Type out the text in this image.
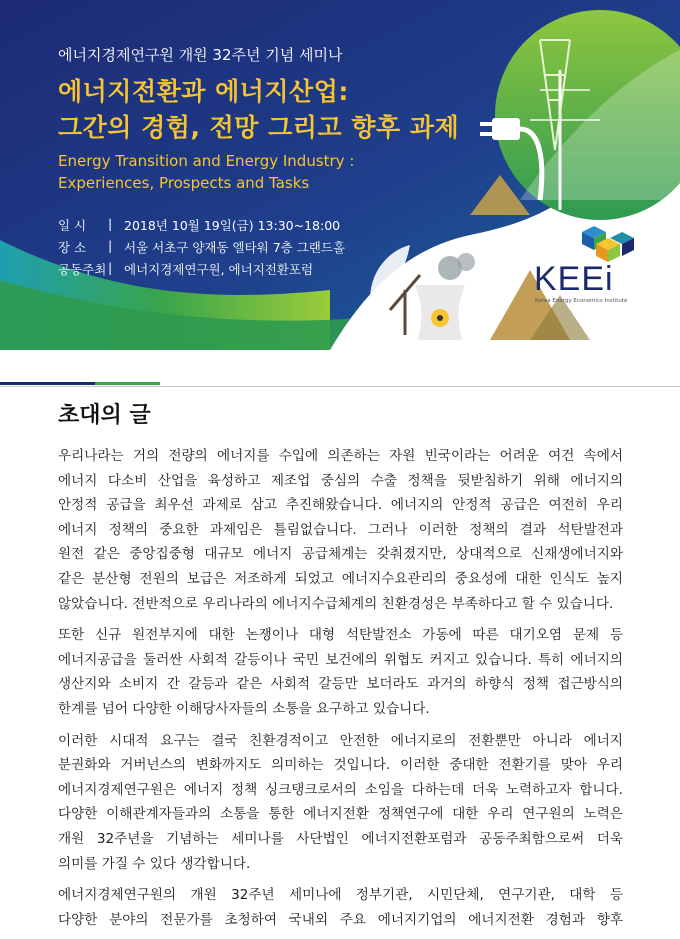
에너지경제연구원 개원 32주년 기념 세미나
에너지전환과 에너지산업:
그간의 경험, 전망 그리고 향후 과제
Energy Transition and Energy Industry :
Experiences, Prospects and Tasks
일 시	| 2018년 10월 19일(금) 13:30~18:00
장 소	| 서울 서초구 양재동 엘타워 7층 그랜드홀
공동주최 | 에너지경제연구원, 에너지전환포럼	KEEi
Korea Energy Economics Institute
초대의 글
우리나라는 거의 전량의 에너지를 수입에 의존하는 자원 빈국이라는 어려운 여건 속에서
에너지 다소비 산업을 육성하고 제조업 중심의 수출 정책을 뒷받침하기 위해 에너지의
안정적 공급을 최우선 과제로 삼고 추진해왔습니다. 에너지의 안정적 공급은 여전히 우리
에너지 정책의 중요한 과제임은 틀림없습니다. 그러나 이러한 정책의 결과 석탄발전과
원전 같은 중앙집중형 대규모 에너지 공급체계는 갖춰졌지만, 상대적으로 신재생에너지와
같은 분산형 전원의 보급은 저조하게 되었고 에너지수요관리의 중요성에 대한 인식도 높지
않았습니다. 전반적으로 우리나라의 에너지수급체계의 친환경성은 부족하다고 할 수 있습니다.
또한 신규 원전부지에 대한 논쟁이나 대형 석탄발전소 가동에 따른 대기오염 문제 등
에너지공급을 둘러싼 사회적 갈등이나 국민 보건에의 위협도 커지고 있습니다. 특히 에너지의
생산지와 소비지 간 갈등과 같은 사회적 갈등만 보더라도 과거의 하향식 정책 접근방식의
한계를 넘어 다양한 이해당사자들의 소통을 요구하고 있습니다.
이러한 시대적 요구는 결국 친환경적이고 안전한 에너지로의 전환뿐만 아니라 에너지
분권화와 거버넌스의 변화까지도 의미하는 것입니다. 이러한 중대한 전환기를 맞아 우리
에너지경제연구원은 에너지 정책 싱크탱크로서의 소임을 다하는데 더욱 노력하고자 합니다.
다양한 이해관계자들과의 소통을 통한 에너지전환 정책연구에 대한 우리 연구원의 노력은
개원 32주년을 기념하는 세미나를 사단법인 에너지전환포럼과 공동주최함으로써 더욱
의미를 가질 수 있다 생각합니다.
에너지경제연구원의 개원 32주년 세미나에 정부기관, 시민단체, 연구기관, 대학 등
다양한 분야의 전문가를 초청하여 국내외 주요 에너지기업의 에너지전환 경험과 향후
